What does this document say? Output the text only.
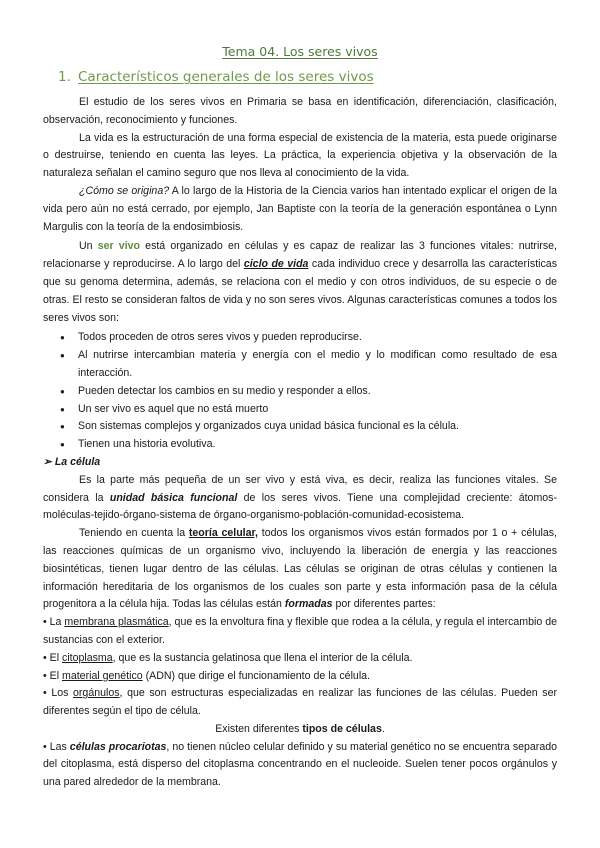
Tema 04. Los seres vivos
1. Característicos generales de los seres vivos

El estudio de los seres vivos en Primaria se basa en identificación, diferenciación, clasificación, observación, reconocimiento y funciones.

La vida es la estructuración de una forma especial de existencia de la materia, esta puede originarse o destruirse, teniendo en cuenta las leyes. La práctica, la experiencia objetiva y la observación de la naturaleza señalan el camino seguro que nos lleva al conocimiento de la vida.

¿Cómo se origina? A lo largo de la Historia de la Ciencia varios han intentado explicar el origen de la vida pero aún no está cerrado, por ejemplo, Jan Baptiste con la teoría de la generación espontánea o Lynn Margulis con la teoría de la endosimbiosis.

Un ser vivo está organizado en células y es capaz de realizar las 3 funciones vitales: nutrirse, relacionarse y reproducirse. A lo largo del ciclo de vida cada individuo crece y desarrolla las características que su genoma determina, además, se relaciona con el medio y con otros individuos, de su especie o de otras. El resto se consideran faltos de vida y no son seres vivos. Algunas características comunes a todos los seres vivos son:

● Todos proceden de otros seres vivos y pueden reproducirse.
● Al nutrirse intercambian materia y energía con el medio y lo modifican como resultado de esa interacción.
● Pueden detectar los cambios en su medio y responder a ellos.
● Un ser vivo es aquel que no está muerto
● Son sistemas complejos y organizados cuya unidad básica funcional es la célula.
● Tienen una historia evolutiva.

➢ La célula

Es la parte más pequeña de un ser vivo y está viva, es decir, realiza las funciones vitales. Se considera la unidad básica funcional de los seres vivos. Tiene una complejidad creciente: átomos-moléculas-tejido-órgano-sistema de órgano-organismo-población-comunidad-ecosistema.

Teniendo en cuenta la teoría celular, todos los organismos vivos están formados por 1 o + células, las reacciones químicas de un organismo vivo, incluyendo la liberación de energía y las reacciones biosintéticas, tienen lugar dentro de las células. Las células se originan de otras células y contienen la información hereditaria de los organismos de los cuales son parte y esta información pasa de la célula progenitora a la célula hija. Todas las células están formadas por diferentes partes:

• La membrana plasmática, que es la envoltura fina y flexible que rodea a la célula, y regula el intercambio de sustancias con el exterior.

• El citoplasma, que es la sustancia gelatinosa que llena el interior de la célula.

• El material genético (ADN) que dirige el funcionamiento de la célula.

• Los orgánulos, que son estructuras especializadas en realizar las funciones de las células. Pueden ser diferentes según el tipo de célula.

Existen diferentes tipos de células.

• Las células procariotas, no tienen núcleo celular definido y su material genético no se encuentra separado del citoplasma, está disperso del citoplasma concentrando en el nucleoide. Suelen tener pocos orgánulos y una pared alrededor de la membrana.
